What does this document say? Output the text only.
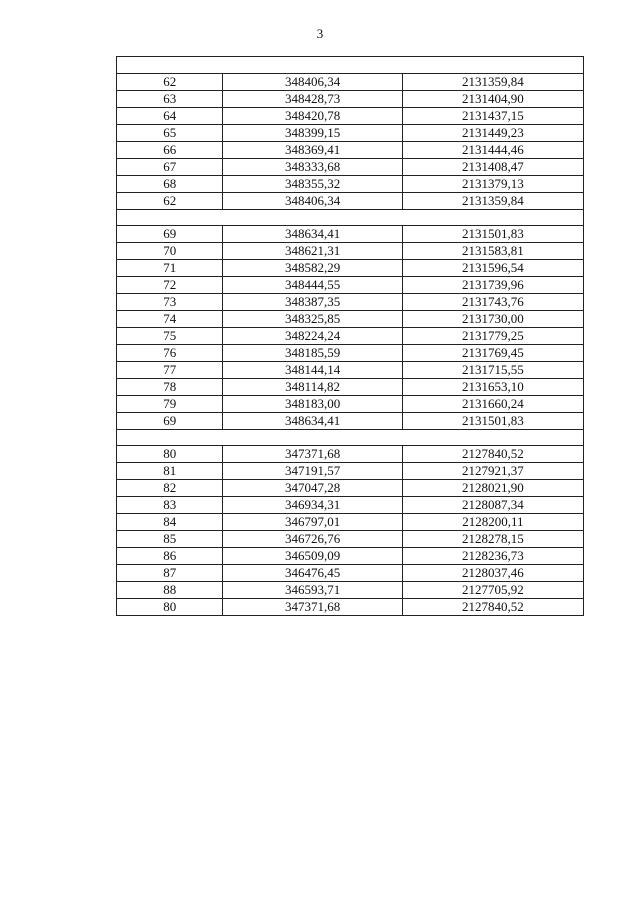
3

62	348406,34	2131359,84
63	348428,73	2131404,90
64	348420,78	2131437,15
65	348399,15	2131449,23
66	348369,41	2131444,46
67	348333,68	2131408,47
68	348355,32	2131379,13
62	348406,34	2131359,84

69	348634,41	2131501,83
70	348621,31	2131583,81
71	348582,29	2131596,54
72	348444,55	2131739,96
73	348387,35	2131743,76
74	348325,85	2131730,00
75	348224,24	2131779,25
76	348185,59	2131769,45
77	348144,14	2131715,55
78	348114,82	2131653,10
79	348183,00	2131660,24
69	348634,41	2131501,83

80	347371,68	2127840,52
81	347191,57	2127921,37
82	347047,28	2128021,90
83	346934,31	2128087,34
84	346797,01	2128200,11
85	346726,76	2128278,15
86	346509,09	2128236,73
87	346476,45	2128037,46
88	346593,71	2127705,92
80	347371,68	2127840,52
